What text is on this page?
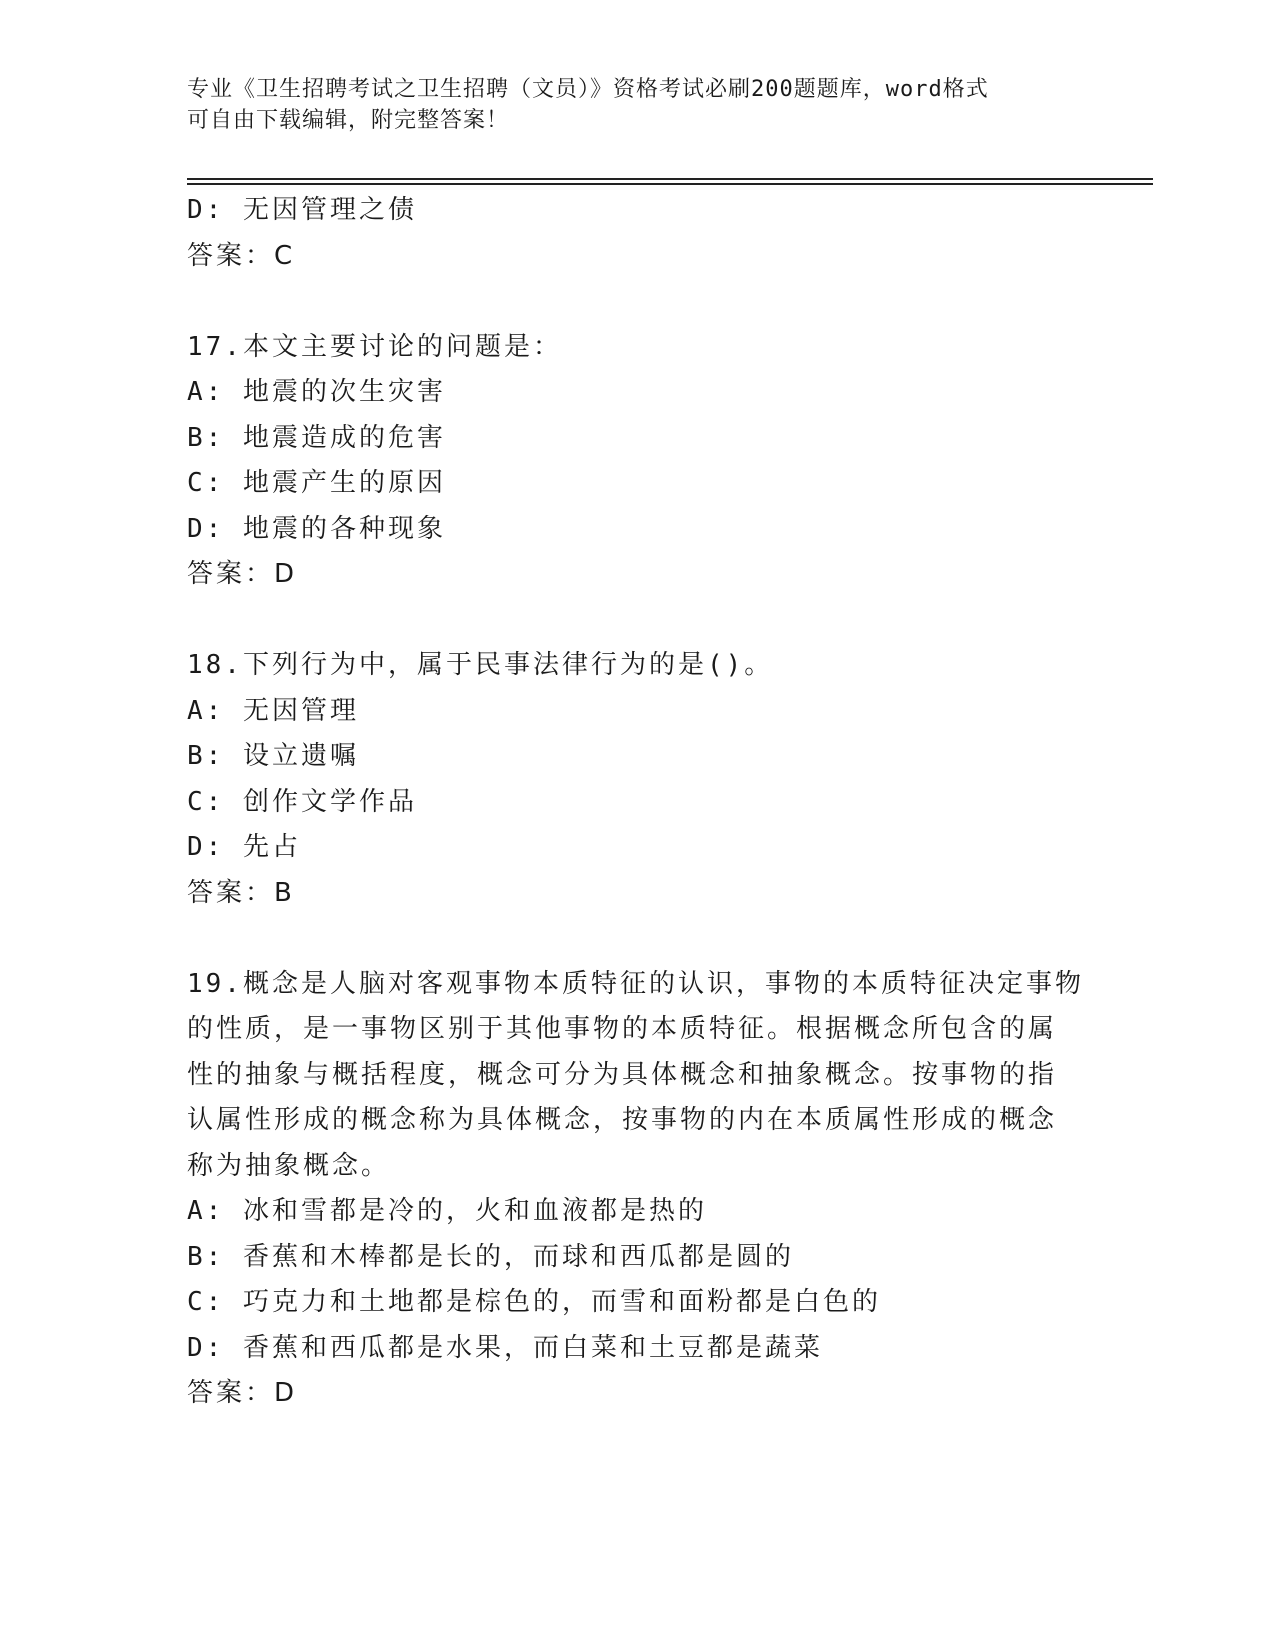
专业《卫生招聘考试之卫生招聘（文员）》资格考试必刷200题题库，word格式
可自由下载编辑，附完整答案！
D: 无因管理之债
答案：C
17.本文主要讨论的问题是：
A: 地震的次生灾害
B: 地震造成的危害
C: 地震产生的原因
D: 地震的各种现象
答案：D
18.下列行为中，属于民事法律行为的是()。
A: 无因管理
B: 设立遗嘱
C: 创作文学作品
D: 先占
答案：B
19.概念是人脑对客观事物本质特征的认识，事物的本质特征决定事物
的性质，是一事物区别于其他事物的本质特征。根据概念所包含的属
性的抽象与概括程度，概念可分为具体概念和抽象概念。按事物的指
认属性形成的概念称为具体概念，按事物的内在本质属性形成的概念
称为抽象概念。
A: 冰和雪都是冷的，火和血液都是热的
B: 香蕉和木棒都是长的，而球和西瓜都是圆的
C: 巧克力和土地都是棕色的，而雪和面粉都是白色的
D: 香蕉和西瓜都是水果，而白菜和土豆都是蔬菜
答案：D
